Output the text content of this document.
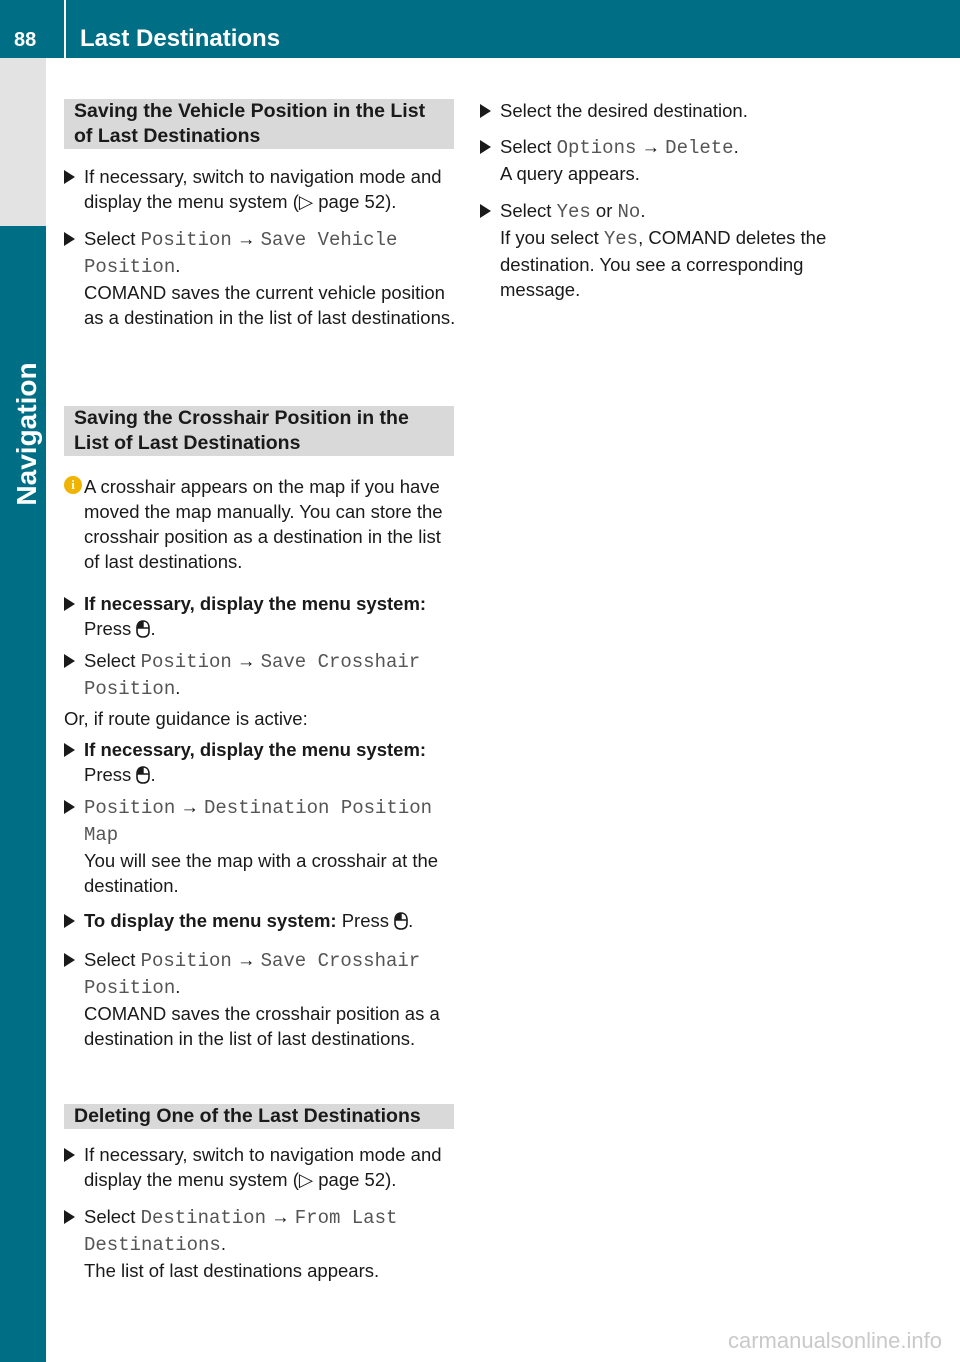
88	Last Destinations
Navigation
Saving the Vehicle Position in the List of Last Destinations
If necessary, switch to navigation mode and display the menu system (▷ page 52).
Select Position → Save Vehicle Position.
COMAND saves the current vehicle position as a destination in the list of last destinations.
Saving the Crosshair Position in the List of Last Destinations
i A crosshair appears on the map if you have moved the map manually. You can store the crosshair position as a destination in the list of last destinations.
If necessary, display the menu system:
Press .
Select Position → Save Crosshair Position.
Or, if route guidance is active:
If necessary, display the menu system:
Press .
Position → Destination Position Map
You will see the map with a crosshair at the destination.
To display the menu system: Press .
Select Position → Save Crosshair Position.
COMAND saves the crosshair position as a destination in the list of last destinations.
Deleting One of the Last Destinations
If necessary, switch to navigation mode and display the menu system (▷ page 52).
Select Destination → From Last Destinations.
The list of last destinations appears.
Select the desired destination.
Select Options → Delete.
A query appears.
Select Yes or No.
If you select Yes, COMAND deletes the destination. You see a corresponding message.
carmanualsonline.info
